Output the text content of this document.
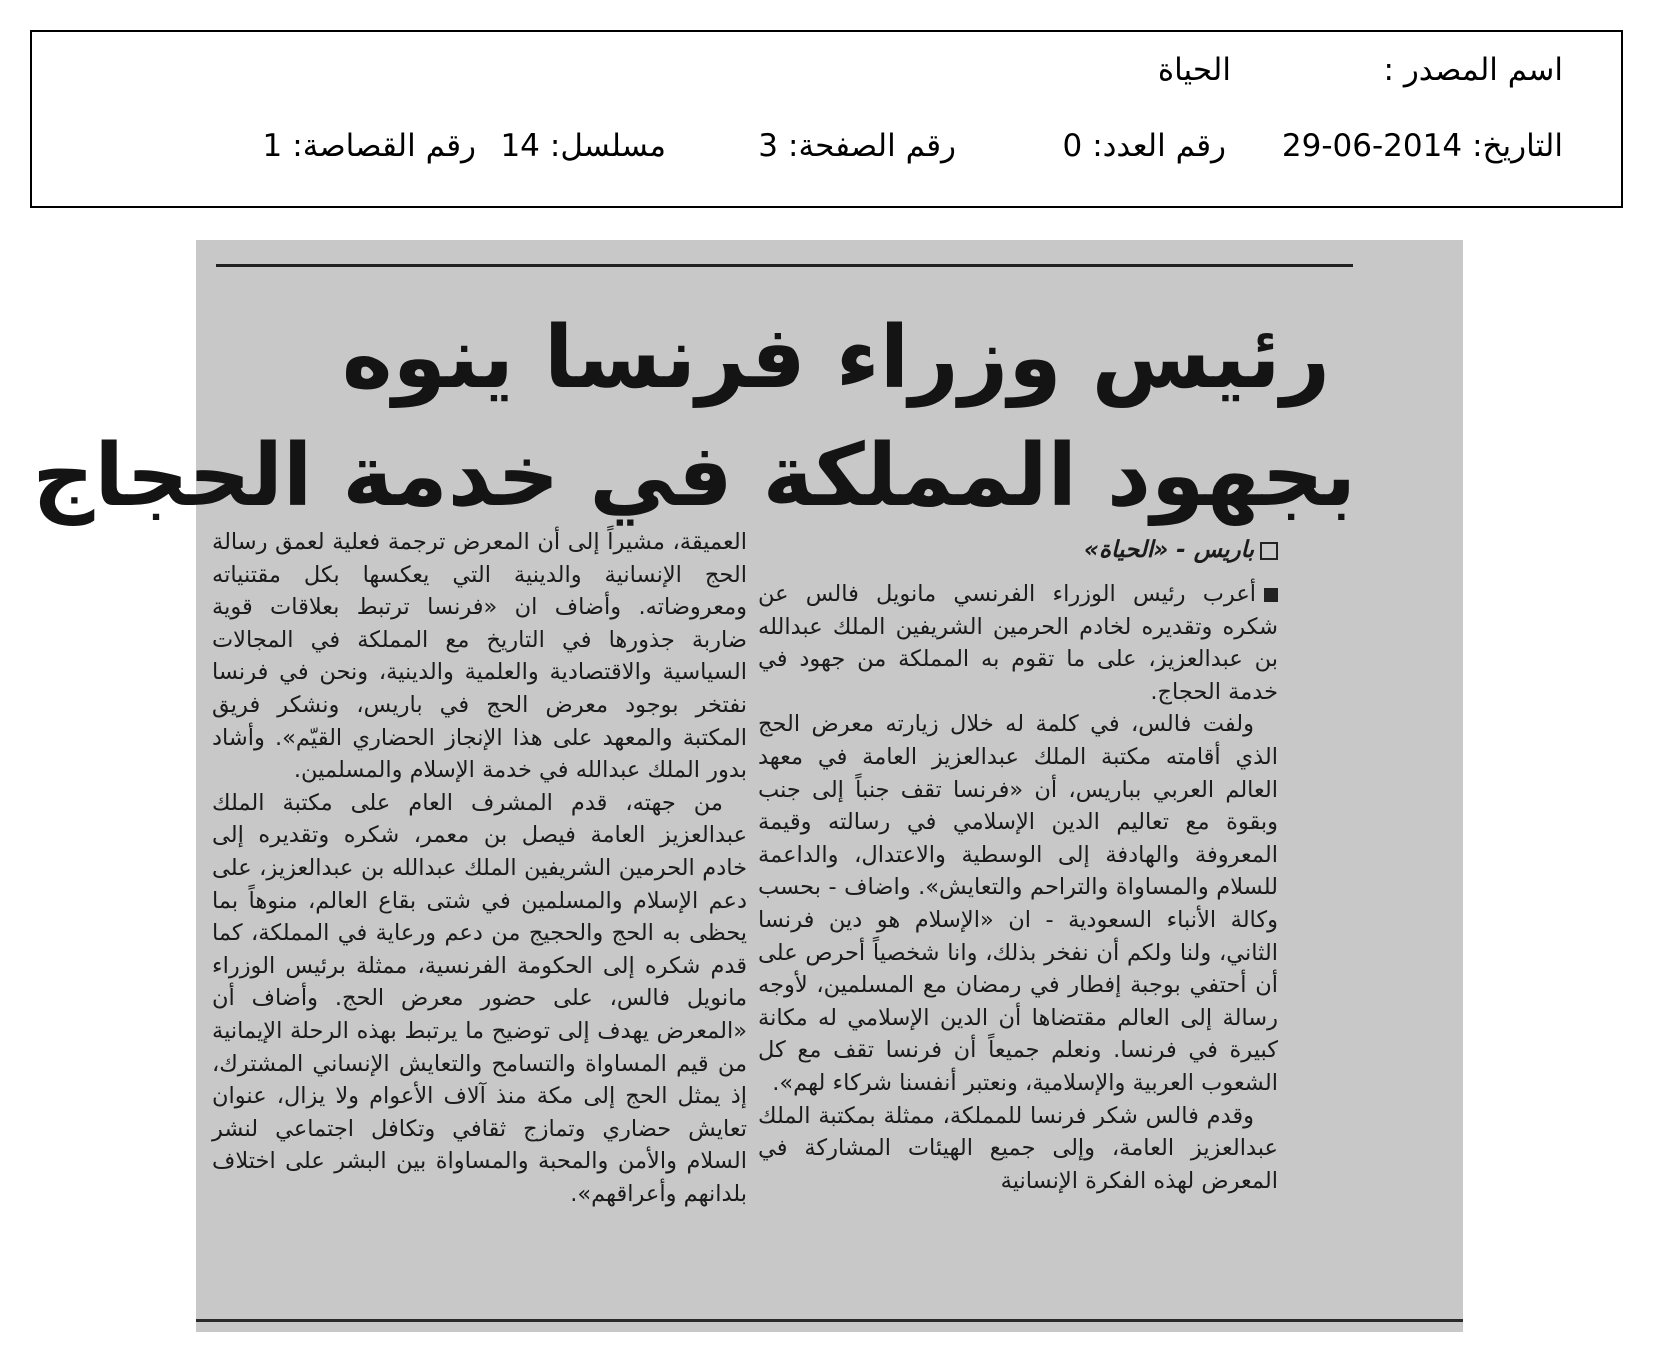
اسم المصدر :
الحياة
التاريخ:2014-06-29
رقم العدد:0
رقم الصفحة:3
مسلسل:14
رقم القصاصة:1
رئيس وزراء فرنسا ينوه
بجهود المملكة في خدمة الحجاج

باريس - «الحياة»

أعرب رئيس الوزراء الفرنسي مانويل فالس عن شكره وتقديره لخادم الحرمين الشريفين الملك عبدالله بن عبدالعزيز، على ما تقوم به المملكة من جهود في خدمة الحجاج.

ولفت فالس، في كلمة له خلال زيارته معرض الحج الذي أقامته مكتبة الملك عبدالعزيز العامة في معهد العالم العربي بباريس، أن «فرنسا تقف جنباً إلى جنب وبقوة مع تعاليم الدين الإسلامي في رسالته وقيمة المعروفة والهادفة إلى الوسطية والاعتدال، والداعمة للسلام والمساواة والتراحم والتعايش». واضاف - بحسب وكالة الأنباء السعودية - ان «الإسلام هو دين فرنسا الثاني، ولنا ولكم أن نفخر بذلك، وانا شخصياً أحرص على أن أحتفي بوجبة إفطار في رمضان مع المسلمين، لأوجه رسالة إلى العالم مقتضاها أن الدين الإسلامي له مكانة كبيرة في فرنسا. ونعلم جميعاً أن فرنسا تقف مع كل الشعوب العربية والإسلامية، ونعتبر أنفسنا شركاء لهم».

وقدم فالس شكر فرنسا للمملكة، ممثلة بمكتبة الملك عبدالعزيز العامة، وإلى جميع الهيئات المشاركة في المعرض لهذه الفكرة الإنسانية

العميقة، مشيراً إلى أن المعرض ترجمة فعلية لعمق رسالة الحج الإنسانية والدينية التي يعكسها بكل مقتنياته ومعروضاته. وأضاف ان «فرنسا ترتبط بعلاقات قوية ضاربة جذورها في التاريخ مع المملكة في المجالات السياسية والاقتصادية والعلمية والدينية، ونحن في فرنسا نفتخر بوجود معرض الحج في باريس، ونشكر فريق المكتبة والمعهد على هذا الإنجاز الحضاري القيّم». وأشاد بدور الملك عبدالله في خدمة الإسلام والمسلمين.

من جهته، قدم المشرف العام على مكتبة الملك عبدالعزيز العامة فيصل بن معمر، شكره وتقديره إلى خادم الحرمين الشريفين الملك عبدالله بن عبدالعزيز، على دعم الإسلام والمسلمين في شتى بقاع العالم، منوهاً بما يحظى به الحج والحجيج من دعم ورعاية في المملكة، كما قدم شكره إلى الحكومة الفرنسية، ممثلة برئيس الوزراء مانويل فالس، على حضور معرض الحج. وأضاف أن «المعرض يهدف إلى توضيح ما يرتبط بهذه الرحلة الإيمانية من قيم المساواة والتسامح والتعايش الإنساني المشترك، إذ يمثل الحج إلى مكة منذ آلاف الأعوام ولا يزال، عنوان تعايش حضاري وتمازج ثقافي وتكافل اجتماعي لنشر السلام والأمن والمحبة والمساواة بين البشر على اختلاف بلدانهم وأعراقهم».
